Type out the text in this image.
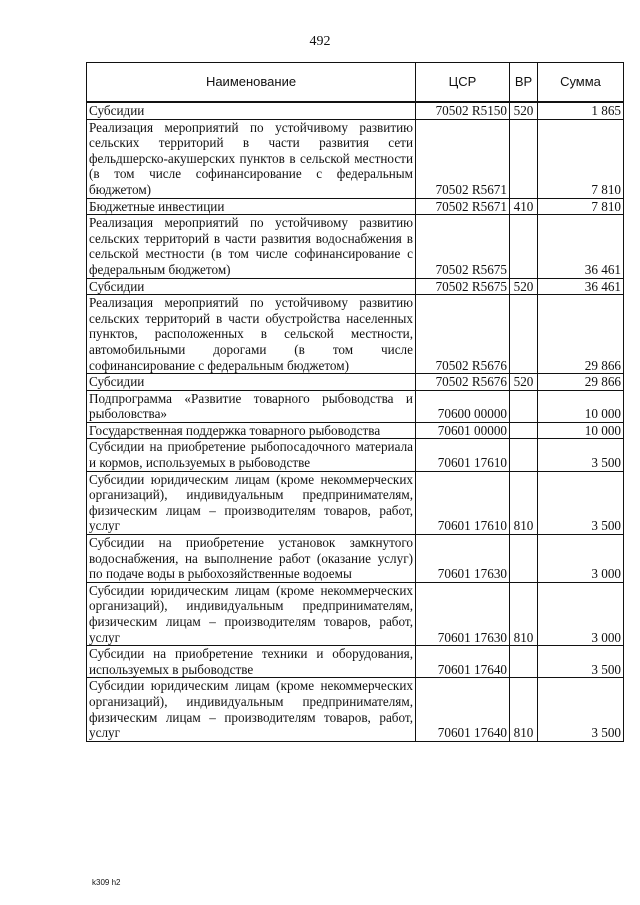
492
Наименование	ЦСР	ВР	Сумма
Субсидии	70502 R5150	520	1 865
Реализация мероприятий по устойчивому развитию сельских территорий в части развития сети фельдшерско-акушерских пунктов в сельской местности (в том числе софинансирование с федеральным бюджетом)	70502 R5671		7 810
Бюджетные инвестиции	70502 R5671	410	7 810
Реализация мероприятий по устойчивому развитию сельских территорий в части развития водоснабжения в сельской местности (в том числе софинансирование с федеральным бюджетом)	70502 R5675		36 461
Субсидии	70502 R5675	520	36 461
Реализация мероприятий по устойчивому развитию сельских территорий в части обустройства населенных пунктов, расположенных в сельской местности, автомобильными дорогами (в том числе софинансирование с федеральным бюджетом)	70502 R5676		29 866
Субсидии	70502 R5676	520	29 866
Подпрограмма «Развитие товарного рыбоводства и рыболовства»	70600 00000		10 000
Государственная поддержка товарного рыбоводства	70601 00000		10 000
Субсидии на приобретение рыбопосадочного материала и кормов, используемых в рыбоводстве	70601 17610		3 500
Субсидии юридическим лицам (кроме некоммерческих организаций), индивидуальным предпринимателям, физическим лицам – производителям товаров, работ, услуг	70601 17610	810	3 500
Субсидии на приобретение установок замкнутого водоснабжения, на выполнение работ (оказание услуг) по подаче воды в рыбохозяйственные водоемы	70601 17630		3 000
Субсидии юридическим лицам (кроме некоммерческих организаций), индивидуальным предпринимателям, физическим лицам – производителям товаров, работ, услуг	70601 17630	810	3 000
Субсидии на приобретение техники и оборудования, используемых в рыбоводстве	70601 17640		3 500
Субсидии юридическим лицам (кроме некоммерческих организаций), индивидуальным предпринимателям, физическим лицам – производителям товаров, работ, услуг	70601 17640	810	3 500
k309 h2
